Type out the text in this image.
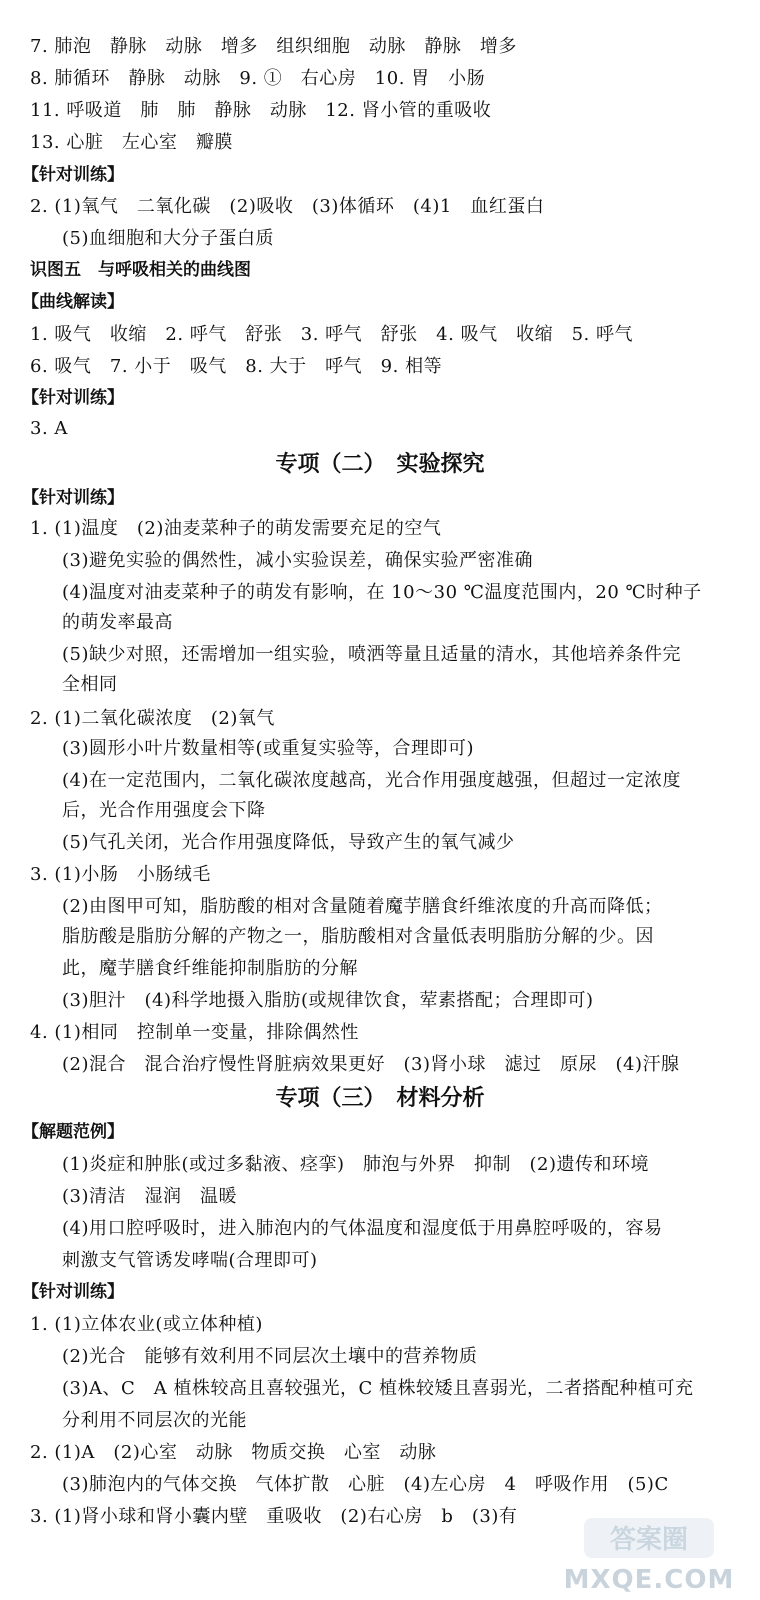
7. 肺泡　静脉　动脉　增多　组织细胞　动脉　静脉　增多
8. 肺循环　静脉　动脉　9. ①　右心房　10. 胃　小肠
11. 呼吸道　肺　肺　静脉　动脉　12. 肾小管的重吸收
13. 心脏　左心室　瓣膜
【针对训练】
2. (1)氧气　二氧化碳　(2)吸收　(3)体循环　(4)1　血红蛋白
(5)血细胞和大分子蛋白质
识图五　与呼吸相关的曲线图
【曲线解读】
1. 吸气　收缩　2. 呼气　舒张　3. 呼气　舒张　4. 吸气　收缩　5. 呼气
6. 吸气　7. 小于　吸气　8. 大于　呼气　9. 相等
【针对训练】
3. A
专项（二）　实验探究
【针对训练】
1. (1)温度　(2)油麦菜种子的萌发需要充足的空气
(3)避免实验的偶然性，减小实验误差，确保实验严密准确
(4)温度对油麦菜种子的萌发有影响，在 10～30 ℃温度范围内，20 ℃时种子
的萌发率最高
(5)缺少对照，还需增加一组实验，喷洒等量且适量的清水，其他培养条件完
全相同
2. (1)二氧化碳浓度　(2)氧气
(3)圆形小叶片数量相等(或重复实验等，合理即可)
(4)在一定范围内，二氧化碳浓度越高，光合作用强度越强，但超过一定浓度
后，光合作用强度会下降
(5)气孔关闭，光合作用强度降低，导致产生的氧气减少
3. (1)小肠　小肠绒毛
(2)由图甲可知，脂肪酸的相对含量随着魔芋膳食纤维浓度的升高而降低；
脂肪酸是脂肪分解的产物之一，脂肪酸相对含量低表明脂肪分解的少。因
此，魔芋膳食纤维能抑制脂肪的分解
(3)胆汁　(4)科学地摄入脂肪(或规律饮食，荤素搭配；合理即可)
4. (1)相同　控制单一变量，排除偶然性
(2)混合　混合治疗慢性肾脏病效果更好　(3)肾小球　滤过　原尿　(4)汗腺
专项（三）　材料分析
【解题范例】
(1)炎症和肿胀(或过多黏液、痉挛)　肺泡与外界　抑制　(2)遗传和环境
(3)清洁　湿润　温暖
(4)用口腔呼吸时，进入肺泡内的气体温度和湿度低于用鼻腔呼吸的，容易
刺激支气管诱发哮喘(合理即可)
【针对训练】
1. (1)立体农业(或立体种植)
(2)光合　能够有效利用不同层次土壤中的营养物质
(3)A、C　A 植株较高且喜较强光，C 植株较矮且喜弱光，二者搭配种植可充
分利用不同层次的光能
2. (1)A　(2)心室　动脉　物质交换　心室　动脉
(3)肺泡内的气体交换　气体扩散　心脏　(4)左心房　4　呼吸作用　(5)C
3. (1)肾小球和肾小囊内壁　重吸收　(2)右心房　b　(3)有
答案圈
MXQE.COM
